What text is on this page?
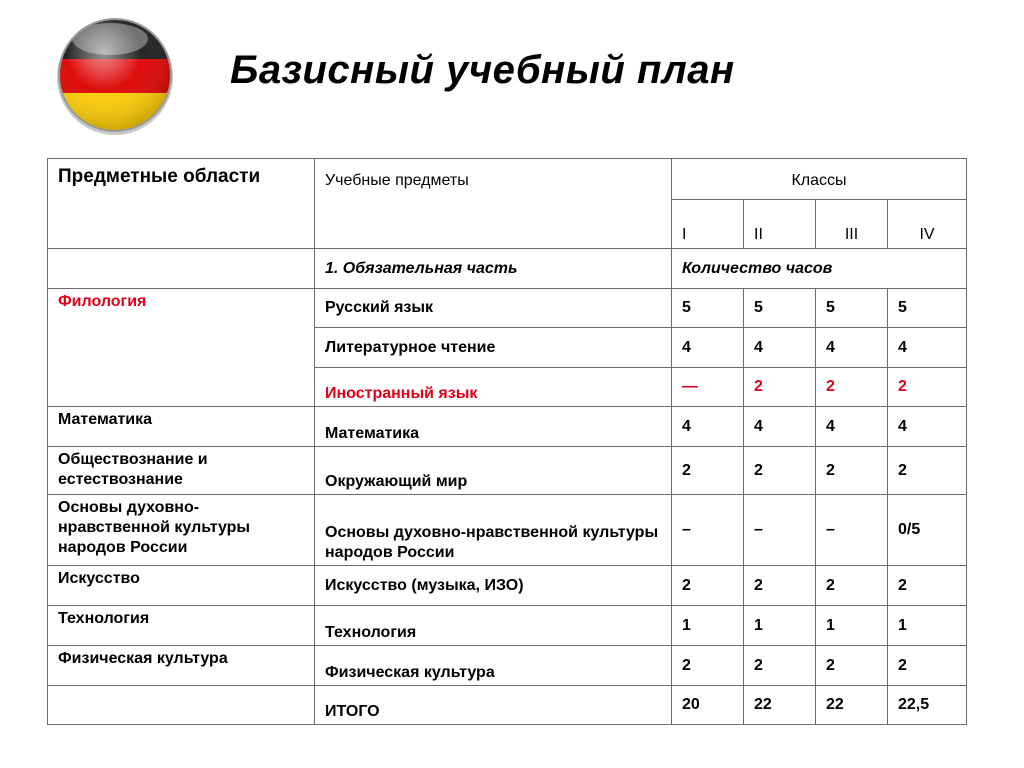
Базисный учебный план
Предметные области	Учебные предметы	Классы			
		I	II	III	IV
	1. Обязательная часть	Количество часов			
Филология	Русский язык	5	5	5	5
	Литературное чтение	4	4	4	4
	Иностранный язык	—	2	2	2
Математика	Математика	4	4	4	4
Обществознание и естествознание	Окружающий мир	2	2	2	2
Основы духовно-нравственной культуры народов России	Основы духовно-нравственной культуры народов России	–	–	–	0/5
Искусство	Искусство (музыка, ИЗО)	2	2	2	2
Технология	Технология	1	1	1	1
Физическая культура	Физическая культура	2	2	2	2
	ИТОГО	20	22	22	22,5
